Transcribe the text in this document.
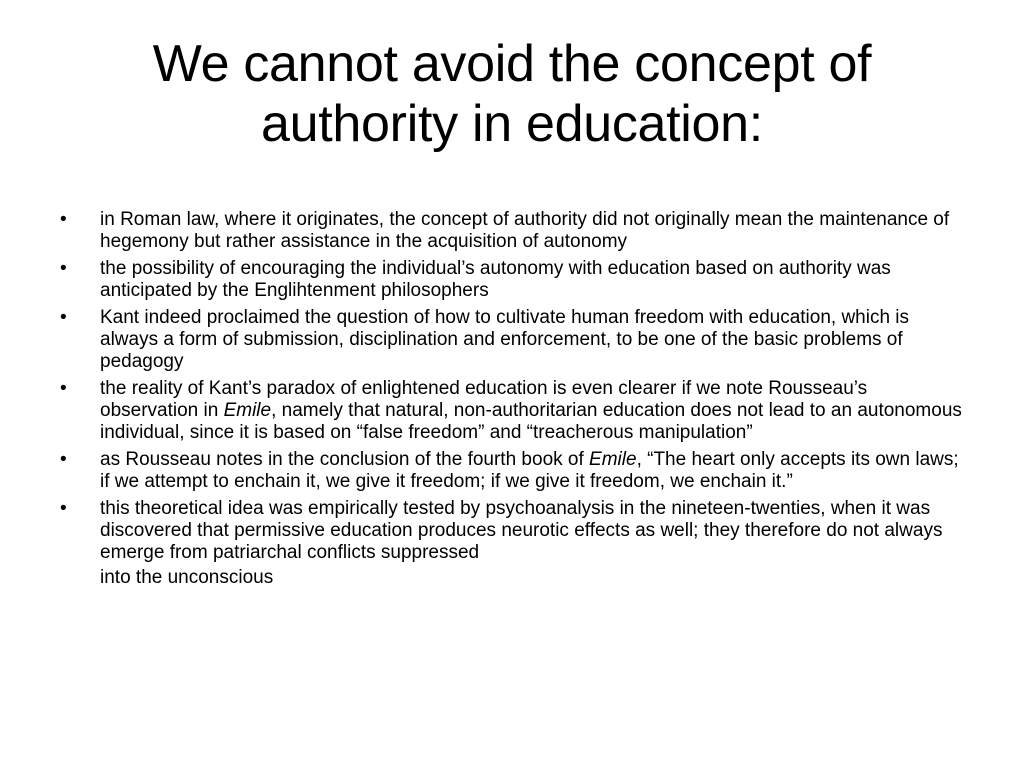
We cannot avoid the concept of authority in education:
•	in Roman law, where it originates, the concept of authority did not originally mean the maintenance of hegemony but rather assistance in the acquisition of autonomy
•	the possibility of encouraging the individual’s autonomy with education based on authority was anticipated by the Englihtenment philosophers
•	Kant indeed proclaimed the question of how to cultivate human freedom with education, which is always a form of submission, disciplination and enforcement, to be one of the basic problems of pedagogy
•	the reality of Kant’s paradox of enlightened education is even clearer if we note Rousseau’s observation in Emile, namely that natural, non-authoritarian education does not lead to an autonomous individual, since it is based on “false freedom” and “treacherous manipulation”
•	as Rousseau notes in the conclusion of the fourth book of Emile, “The heart only accepts its own laws; if we attempt to enchain it, we give it freedom; if we give it freedom, we enchain it.”
•	this theoretical idea was empirically tested by psychoanalysis in the nineteen-twenties, when it was discovered that permissive education produces neurotic effects as well; they therefore do not always emerge from patriarchal conflicts suppressed
into the unconscious
